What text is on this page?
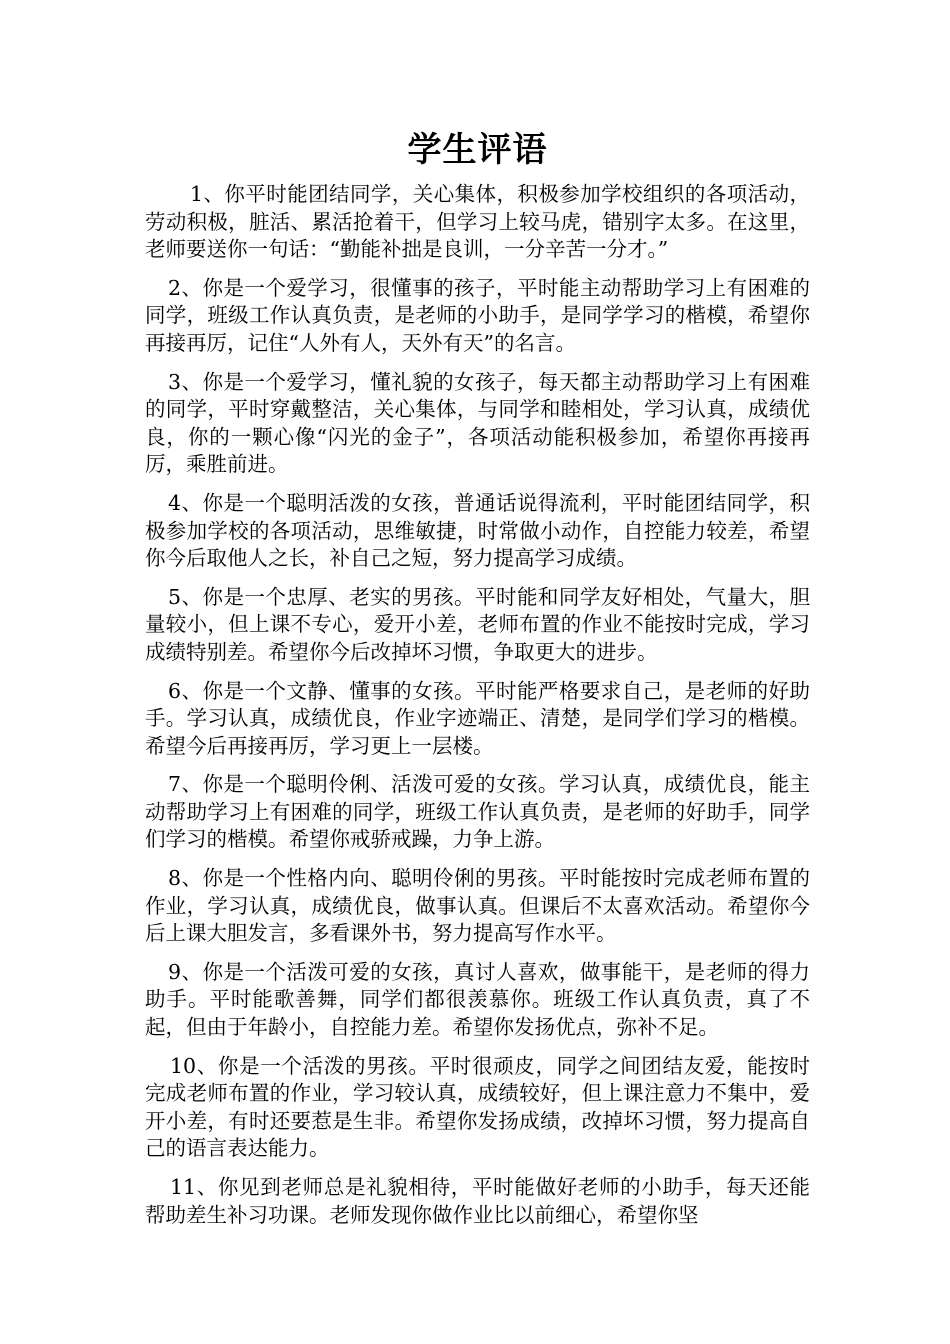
学生评语

1、你平时能团结同学，关心集体，积极参加学校组织的各项活动，劳动积极，脏活、累活抢着干，但学习上较马虎，错别字太多。在这里，老师要送你一句话：“勤能补拙是良训，一分辛苦一分才。”

2、你是一个爱学习，很懂事的孩子，平时能主动帮助学习上有困难的同学，班级工作认真负责，是老师的小助手，是同学学习的楷模，希望你再接再厉，记住“人外有人，天外有天”的名言。

3、你是一个爱学习，懂礼貌的女孩子，每天都主动帮助学习上有困难的同学，平时穿戴整洁，关心集体，与同学和睦相处，学习认真，成绩优良，你的一颗心像“闪光的金子”，各项活动能积极参加，希望你再接再厉，乘胜前进。

4、你是一个聪明活泼的女孩，普通话说得流利，平时能团结同学，积极参加学校的各项活动，思维敏捷，时常做小动作，自控能力较差，希望你今后取他人之长，补自己之短，努力提高学习成绩。

5、你是一个忠厚、老实的男孩。平时能和同学友好相处，气量大，胆量较小，但上课不专心，爱开小差，老师布置的作业不能按时完成，学习成绩特别差。希望你今后改掉坏习惯，争取更大的进步。

6、你是一个文静、懂事的女孩。平时能严格要求自己，是老师的好助手。学习认真，成绩优良，作业字迹端正、清楚，是同学们学习的楷模。希望今后再接再厉，学习更上一层楼。

7、你是一个聪明伶俐、活泼可爱的女孩。学习认真，成绩优良，能主动帮助学习上有困难的同学，班级工作认真负责，是老师的好助手，同学们学习的楷模。希望你戒骄戒躁，力争上游。

8、你是一个性格内向、聪明伶俐的男孩。平时能按时完成老师布置的作业，学习认真，成绩优良，做事认真。但课后不太喜欢活动。希望你今后上课大胆发言，多看课外书，努力提高写作水平。

9、你是一个活泼可爱的女孩，真讨人喜欢，做事能干，是老师的得力助手。平时能歌善舞，同学们都很羡慕你。班级工作认真负责，真了不起，但由于年龄小，自控能力差。希望你发扬优点，弥补不足。

10、你是一个活泼的男孩。平时很顽皮，同学之间团结友爱，能按时完成老师布置的作业，学习较认真，成绩较好，但上课注意力不集中，爱开小差，有时还要惹是生非。希望你发扬成绩，改掉坏习惯，努力提高自己的语言表达能力。

11、你见到老师总是礼貌相待，平时能做好老师的小助手，每天还能帮助差生补习功课。老师发现你做作业比以前细心，希望你坚
